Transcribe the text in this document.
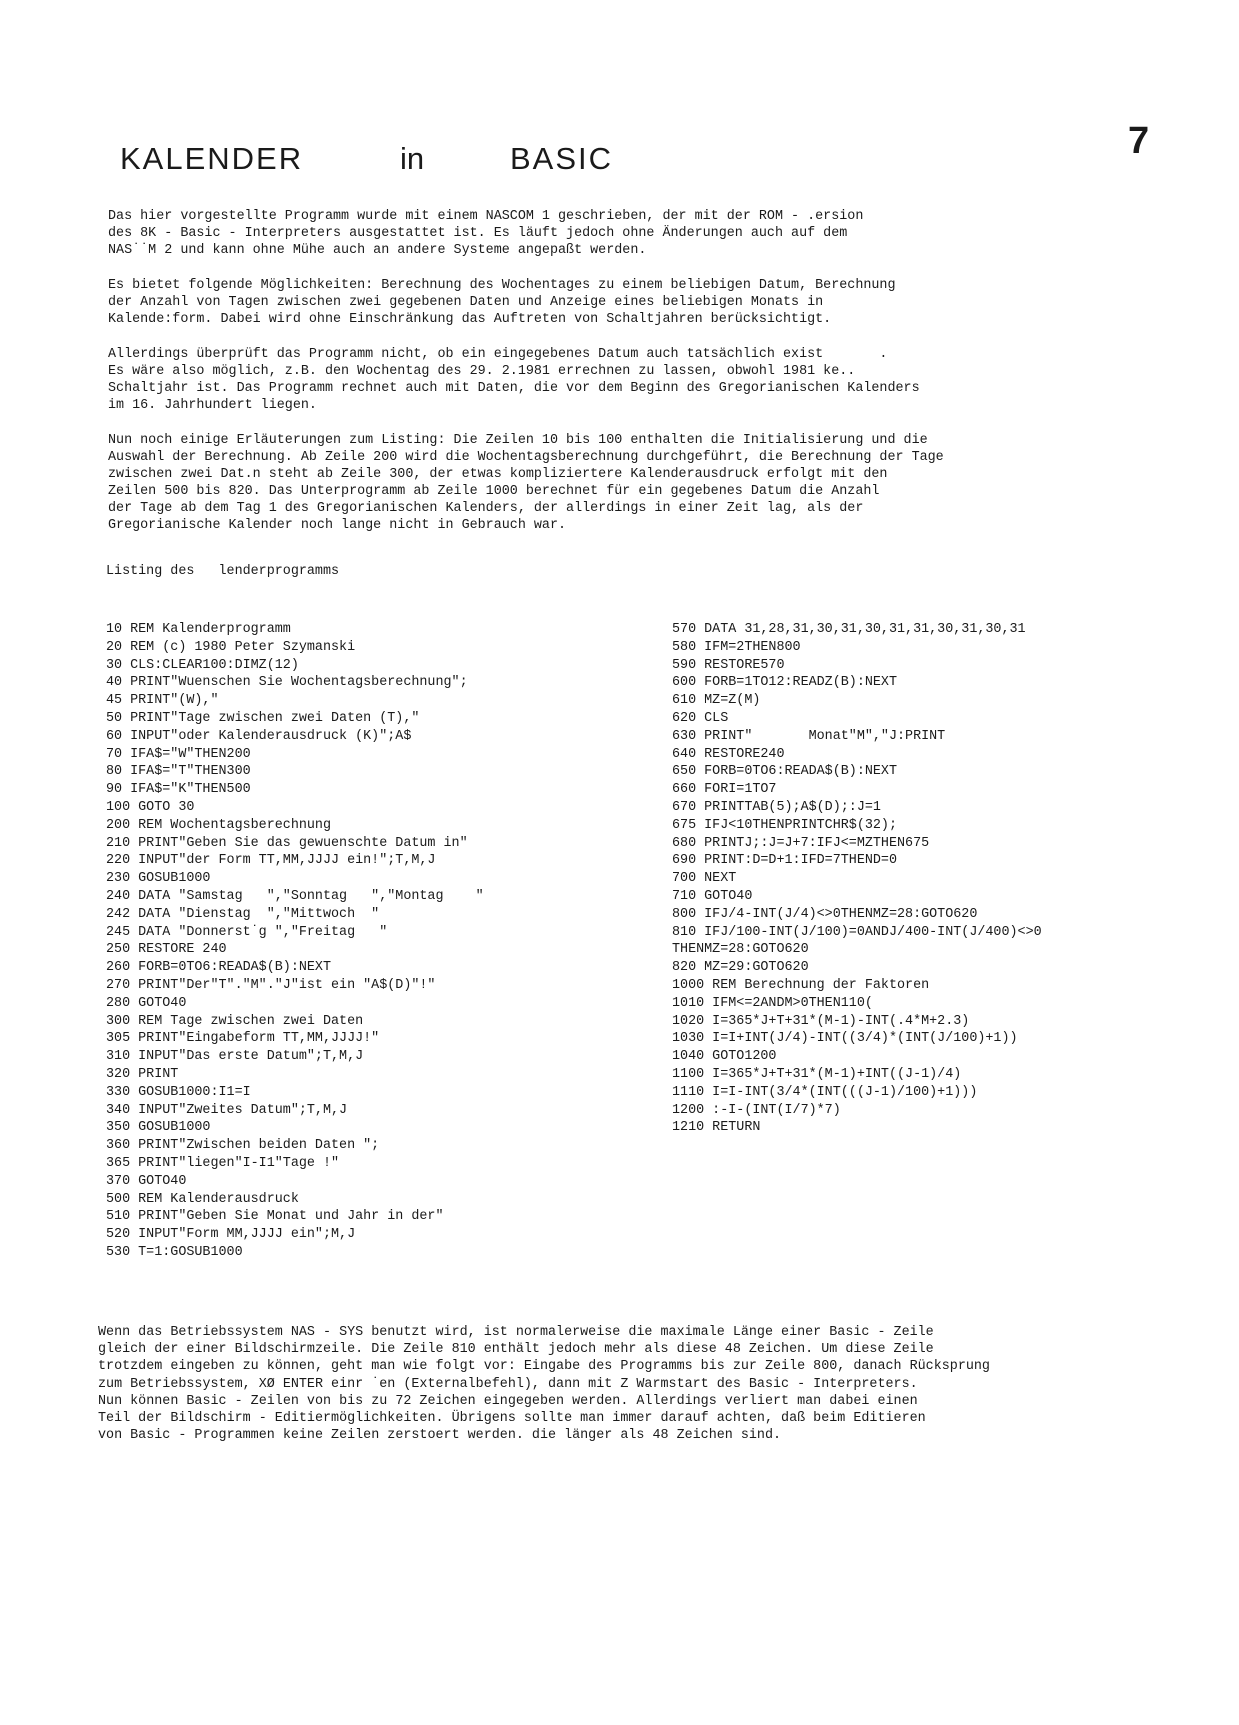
7
KALENDER	in	BASIC
Das hier vorgestellte Programm wurde mit einem NASCOM 1 geschrieben, der mit der ROM - .ersion
des 8K - Basic - Interpreters ausgestattet ist. Es läuft jedoch ohne Änderungen auch auf dem
NAS˙˙M 2 und kann ohne Mühe auch an andere Systeme angepaßt werden.
Es bietet folgende Möglichkeiten: Berechnung des Wochentages zu einem beliebigen Datum, Berechnung
der Anzahl von Tagen zwischen zwei gegebenen Daten und Anzeige eines beliebigen Monats in
Kalende:form. Dabei wird ohne Einschränkung das Auftreten von Schaltjahren berücksichtigt.
Allerdings überprüft das Programm nicht, ob ein eingegebenes Datum auch tatsächlich exist       .
Es wäre also möglich, z.B. den Wochentag des 29. 2.1981 errechnen zu lassen, obwohl 1981 ke..
Schaltjahr ist. Das Programm rechnet auch mit Daten, die vor dem Beginn des Gregorianischen Kalenders
im 16. Jahrhundert liegen.
Nun noch einige Erläuterungen zum Listing: Die Zeilen 10 bis 100 enthalten die Initialisierung und die
Auswahl der Berechnung. Ab Zeile 200 wird die Wochentagsberechnung durchgeführt, die Berechnung der Tage
zwischen zwei Dat.n steht ab Zeile 300, der etwas kompliziertere Kalenderausdruck erfolgt mit den
Zeilen 500 bis 820. Das Unterprogramm ab Zeile 1000 berechnet für ein gegebenes Datum die Anzahl
der Tage ab dem Tag 1 des Gregorianischen Kalenders, der allerdings in einer Zeit lag, als der
Gregorianische Kalender noch lange nicht in Gebrauch war.
Listing des   lenderprogramms
10 REM Kalenderprogramm
20 REM (c) 1980 Peter Szymanski
30 CLS:CLEAR100:DIMZ(12)
40 PRINT"Wuenschen Sie Wochentagsberechnung";
45 PRINT"(W),"
50 PRINT"Tage zwischen zwei Daten (T),"
60 INPUT"oder Kalenderausdruck (K)";A$
70 IFA$="W"THEN200
80 IFA$="T"THEN300
90 IFA$="K"THEN500
100 GOTO 30
200 REM Wochentagsberechnung
210 PRINT"Geben Sie das gewuenschte Datum in"
220 INPUT"der Form TT,MM,JJJJ ein!";T,M,J
230 GOSUB1000
240 DATA "Samstag   ","Sonntag   ","Montag    "
242 DATA "Dienstag  ","Mittwoch  "
245 DATA "Donnerst˙g ","Freitag   "
250 RESTORE 240
260 FORB=0TO6:READA$(B):NEXT
270 PRINT"Der"T"."M"."J"ist ein "A$(D)"!"
280 GOTO40
300 REM Tage zwischen zwei Daten
305 PRINT"Eingabeform TT,MM,JJJJ!"
310 INPUT"Das erste Datum";T,M,J
320 PRINT
330 GOSUB1000:I1=I
340 INPUT"Zweites Datum";T,M,J
350 GOSUB1000
360 PRINT"Zwischen beiden Daten ";
365 PRINT"liegen"I-I1"Tage !"
370 GOTO40
500 REM Kalenderausdruck
510 PRINT"Geben Sie Monat und Jahr in der"
520 INPUT"Form MM,JJJJ ein";M,J
530 T=1:GOSUB1000
570 DATA 31,28,31,30,31,30,31,31,30,31,30,31
580 IFM=2THEN800
590 RESTORE570
600 FORB=1TO12:READZ(B):NEXT
610 MZ=Z(M)
620 CLS
630 PRINT"       Monat"M","J:PRINT
640 RESTORE240
650 FORB=0TO6:READA$(B):NEXT
660 FORI=1TO7
670 PRINTTAB(5);A$(D);:J=1
675 IFJ<10THENPRINTCHR$(32);
680 PRINTJ;:J=J+7:IFJ<=MZTHEN675
690 PRINT:D=D+1:IFD=7THEND=0
700 NEXT
710 GOTO40
800 IFJ/4-INT(J/4)<>0THENMZ=28:GOTO620
810 IFJ/100-INT(J/100)=0ANDJ/400-INT(J/400)<>0
THENMZ=28:GOTO620
820 MZ=29:GOTO620
1000 REM Berechnung der Faktoren
1010 IFM<=2ANDM>0THEN110(
1020 I=365*J+T+31*(M-1)-INT(.4*M+2.3)
1030 I=I+INT(J/4)-INT((3/4)*(INT(J/100)+1))
1040 GOTO1200
1100 I=365*J+T+31*(M-1)+INT((J-1)/4)
1110 I=I-INT(3/4*(INT(((J-1)/100)+1)))
1200 :-I-(INT(I/7)*7)
1210 RETURN
Wenn das Betriebssystem NAS - SYS benutzt wird, ist normalerweise die maximale Länge einer Basic - Zeile
gleich der einer Bildschirmzeile. Die Zeile 810 enthält jedoch mehr als diese 48 Zeichen. Um diese Zeile
trotzdem eingeben zu können, geht man wie folgt vor: Eingabe des Programms bis zur Zeile 800, danach Rücksprung
zum Betriebssystem, XØ ENTER einr ˙en (Externalbefehl), dann mit Z Warmstart des Basic - Interpreters.
Nun können Basic - Zeilen von bis zu 72 Zeichen eingegeben werden. Allerdings verliert man dabei einen
Teil der Bildschirm - Editiermöglichkeiten. Übrigens sollte man immer darauf achten, daß beim Editieren
von Basic - Programmen keine Zeilen zerstoert werden. die länger als 48 Zeichen sind.
